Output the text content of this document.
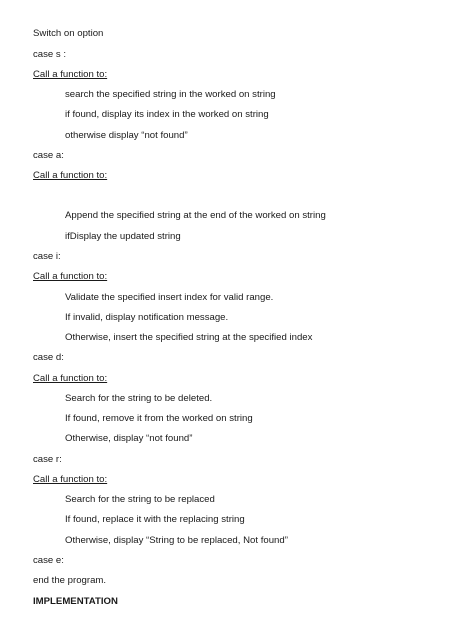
Switch on option
case s :
Call a function to:
search the specified string in the worked on string
if found, display its index in the worked on string
otherwise display “not found”
case a:
Call a function to:
Append the specified string at the end of the worked on string
ifDisplay the updated string
case i:
Call a function to:
Validate the specified insert index for valid range.
If invalid, display notification message.
Otherwise, insert the specified string at the specified index
case d:
Call a function to:
Search for the string to be deleted.
If found, remove it from the worked on string
Otherwise, display “not found”
case r:
Call a function to:
Search for the string to be replaced
If found, replace it with the replacing string
Otherwise, display “String to be replaced, Not found”
case e:
end the program.
IMPLEMENTATION
